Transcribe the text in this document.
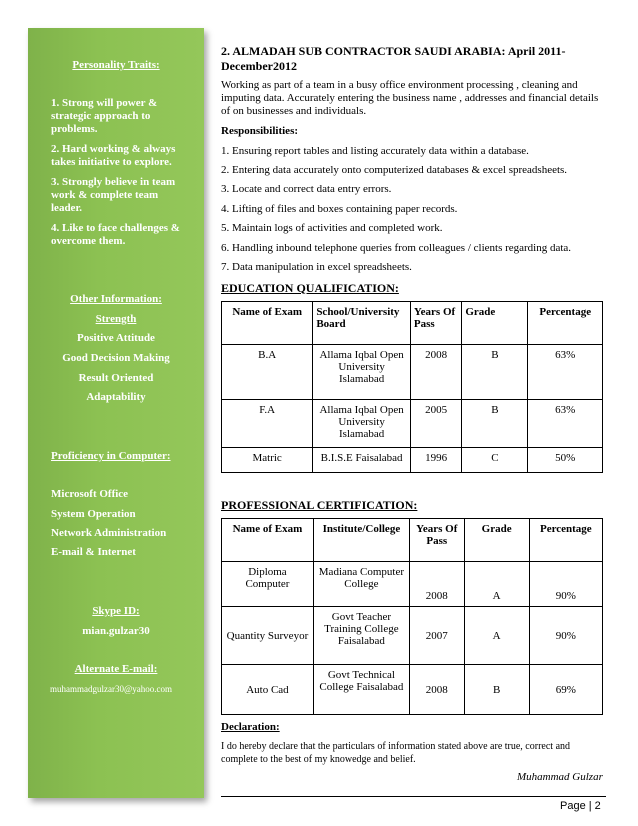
Personality Traits:
1. Strong will power & strategic approach to problems.
2. Hard working & always takes initiative to explore.
3. Strongly believe in team work & complete team leader.
4. Like to face challenges & overcome them.
Other Information:
Strength
Positive Attitude
Good Decision Making
Result Oriented
Adaptability
Proficiency in Computer:
Microsoft Office
System Operation
Network Administration
E-mail & Internet
Skype ID:
mian.gulzar30
Alternate E-mail:
muhammadgulzar30@yahoo.com
2. ALMADAH SUB CONTRACTOR SAUDI ARABIA: April 2011-
December2012
Working as part of a team in a busy office environment processing , cleaning and imputing data. Accurately entering the business name , addresses and financial details of on businesses and individuals.
Responsibilities:
1. Ensuring report tables and listing accurately data within a database.
2. Entering data accurately onto computerized databases & excel spreadsheets.
3. Locate and correct data entry errors.
4. Lifting of files and boxes containing paper records.
5. Maintain logs of activities and completed work.
6. Handling inbound telephone queries from colleagues / clients regarding data.
7. Data manipulation in excel spreadsheets.
EDUCATION QUALIFICATION:
Name of Exam	School/University Board	Years Of Pass	Grade	Percentage
B.A	Allama Iqbal Open University Islamabad	2008	B	63%
F.A	Allama Iqbal Open University Islamabad	2005	B	63%
Matric	B.I.S.E Faisalabad	1996	C	50%
PROFESSIONAL CERTIFICATION:
Name of Exam	Institute/College	Years Of Pass	Grade	Percentage
Diploma Computer	Madiana Computer College	2008	A	90%
Quantity Surveyor	Govt Teacher Training College Faisalabad	2007	A	90%
Auto Cad	Govt Technical College Faisalabad	2008	B	69%
Declaration:
I do hereby declare that the particulars of information stated above are true, correct and complete to the best of my knowedge and belief.
Muhammad Gulzar
Page | 2
